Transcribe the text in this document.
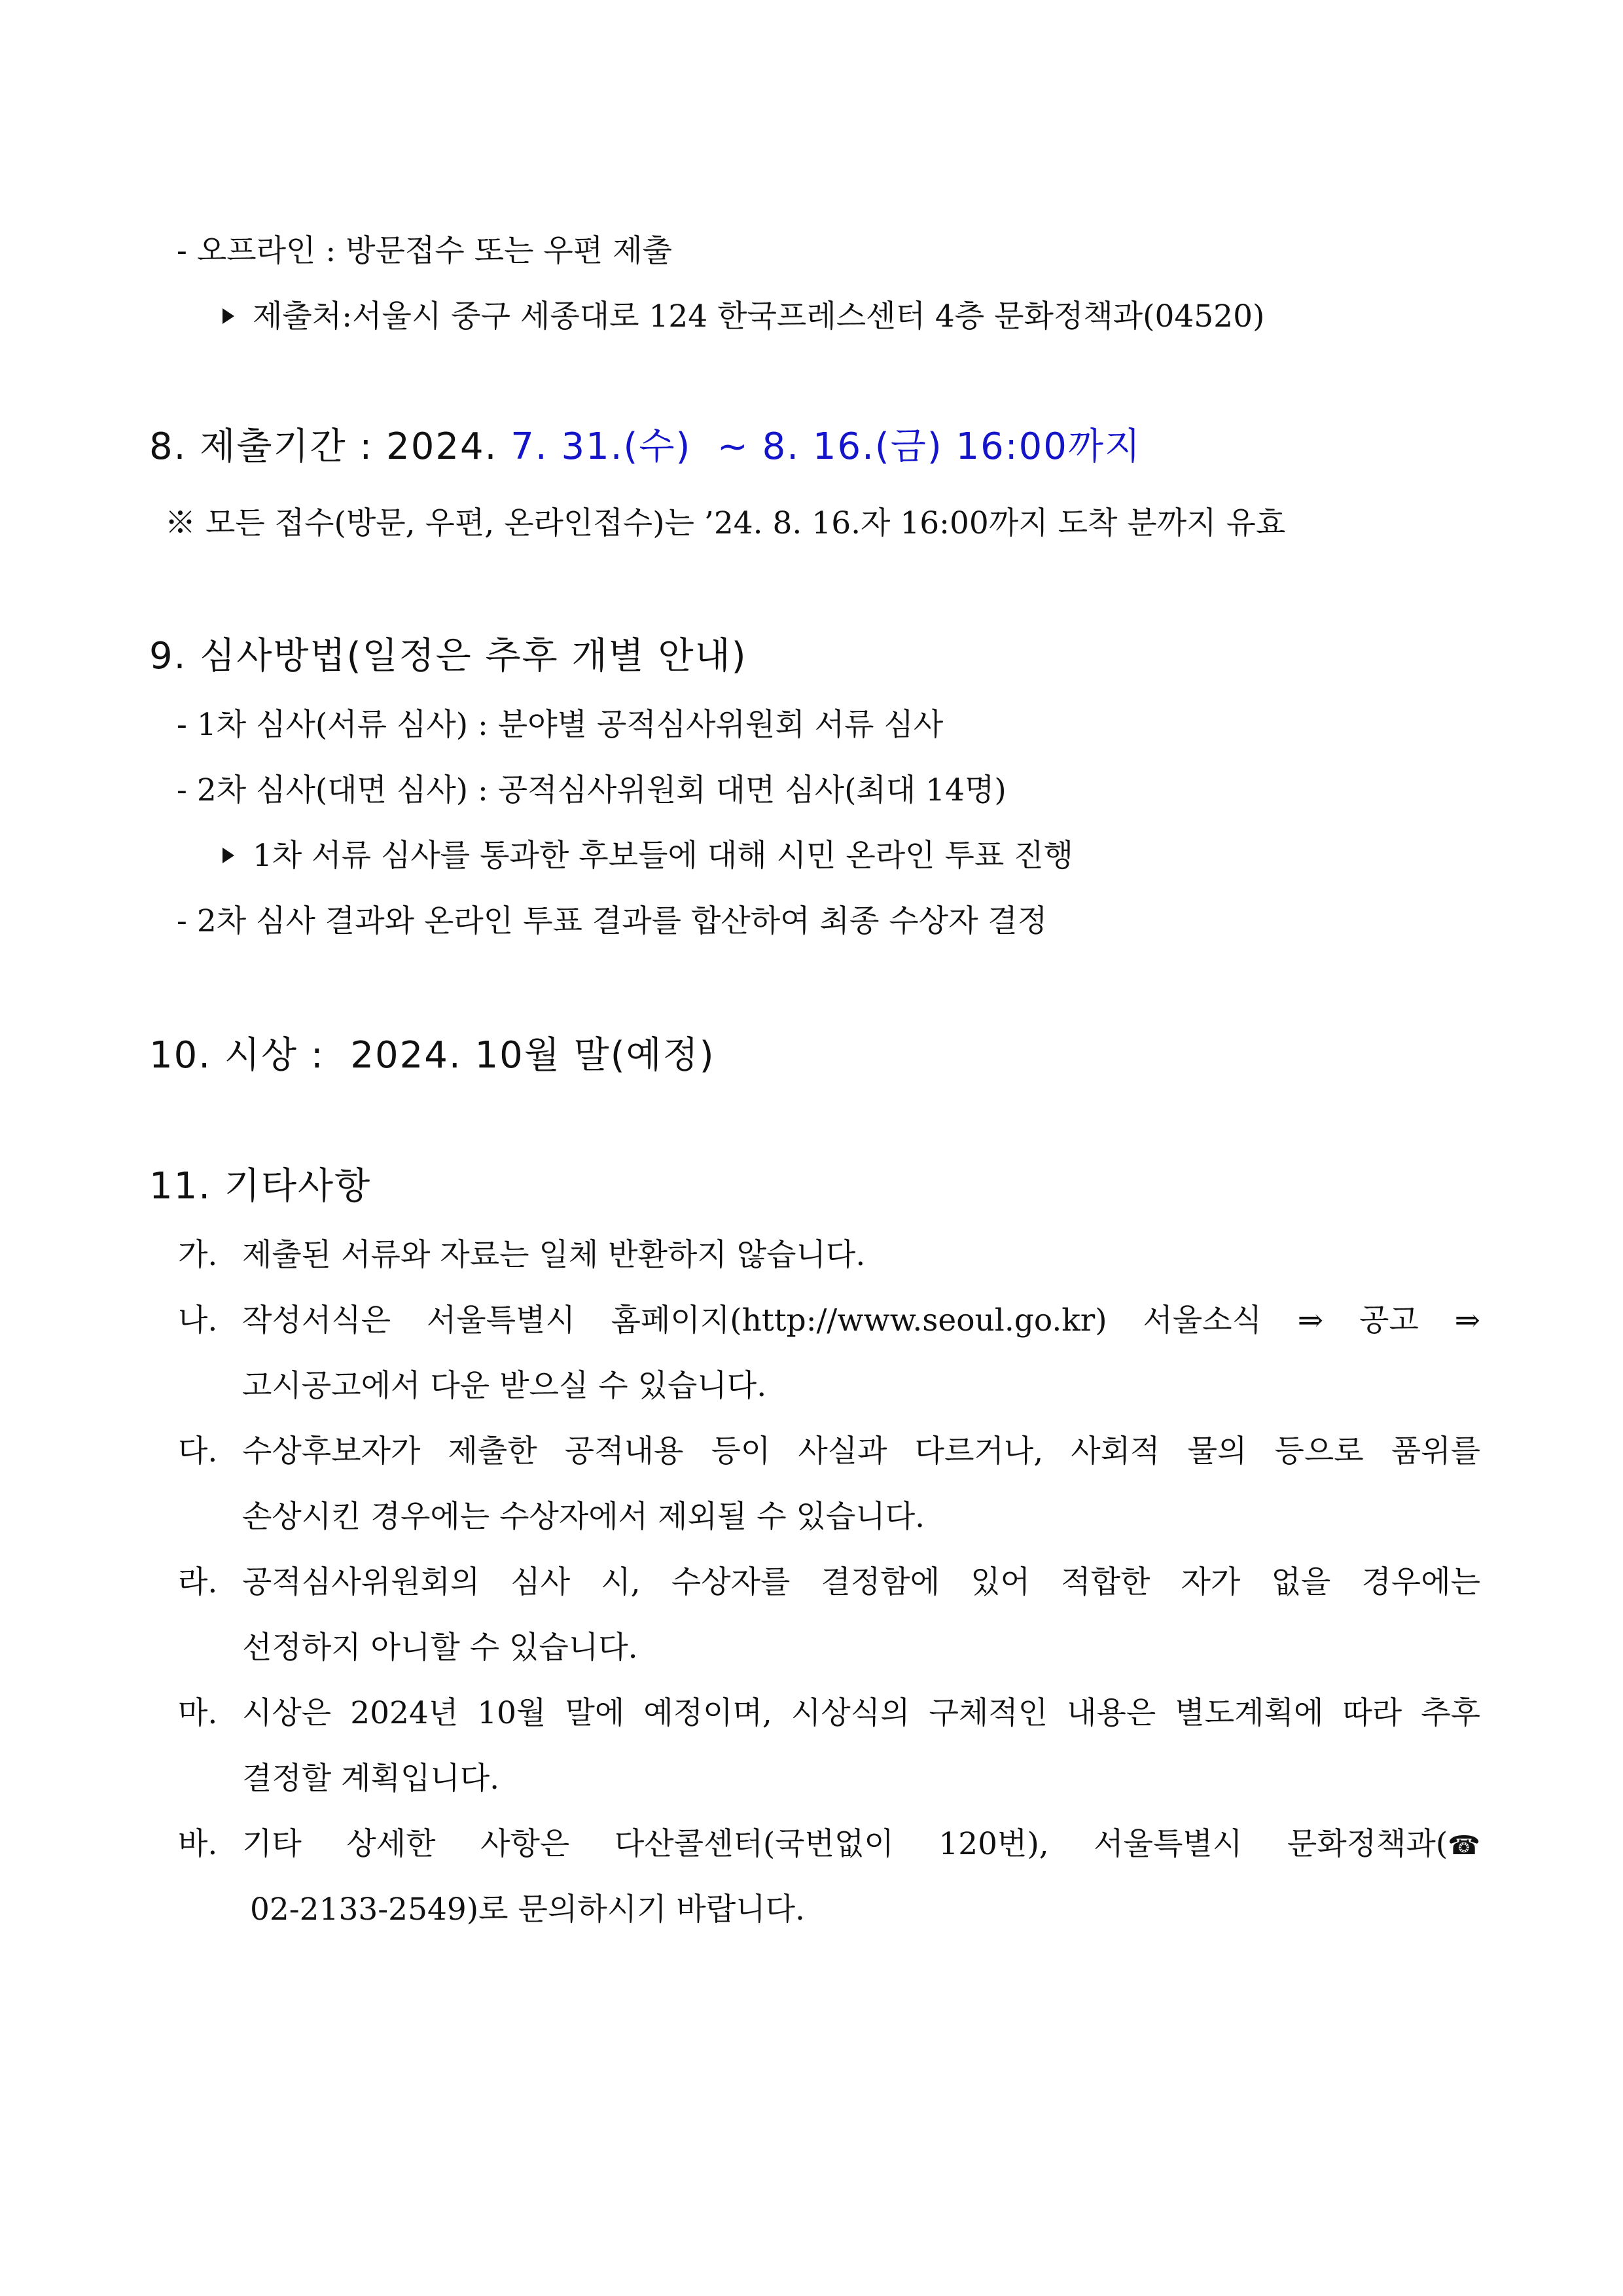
- 오프라인 : 방문접수 또는 우편 제출
제출처:서울시 중구 세종대로 124 한국프레스센터 4층 문화정책과(04520)
8. 제출기간 : 2024. 7. 31.(수)  ~ 8. 16.(금) 16:00까지
※ 모든 접수(방문, 우편, 온라인접수)는 ’24. 8. 16.자 16:00까지 도착 분까지 유효
9. 심사방법(일정은 추후 개별 안내)
- 1차 심사(서류 심사) : 분야별 공적심사위원회 서류 심사
- 2차 심사(대면 심사) : 공적심사위원회 대면 심사(최대 14명)
1차 서류 심사를 통과한 후보들에 대해 시민 온라인 투표 진행
- 2차 심사 결과와 온라인 투표 결과를 합산하여 최종 수상자 결정
10. 시상 :  2024. 10월 말(예정)
11. 기타사항
가. 제출된 서류와 자료는 일체 반환하지 않습니다.
나. 작성서식은 서울특별시 홈페이지(http://www.seoul.go.kr) 서울소식 ⇒ 공고 ⇒
고시공고에서 다운 받으실 수 있습니다.
다. 수상후보자가 제출한 공적내용 등이 사실과 다르거나, 사회적 물의 등으로 품위를
손상시킨 경우에는 수상자에서 제외될 수 있습니다.
라. 공적심사위원회의 심사 시, 수상자를 결정함에 있어 적합한 자가 없을 경우에는
선정하지 아니할 수 있습니다.
마. 시상은 2024년 10월 말에 예정이며, 시상식의 구체적인 내용은 별도계획에 따라 추후
결정할 계획입니다.
바. 기타 상세한 사항은 다산콜센터(국번없이 120번), 서울특별시 문화정책과(☎
02-2133-2549)로 문의하시기 바랍니다.
